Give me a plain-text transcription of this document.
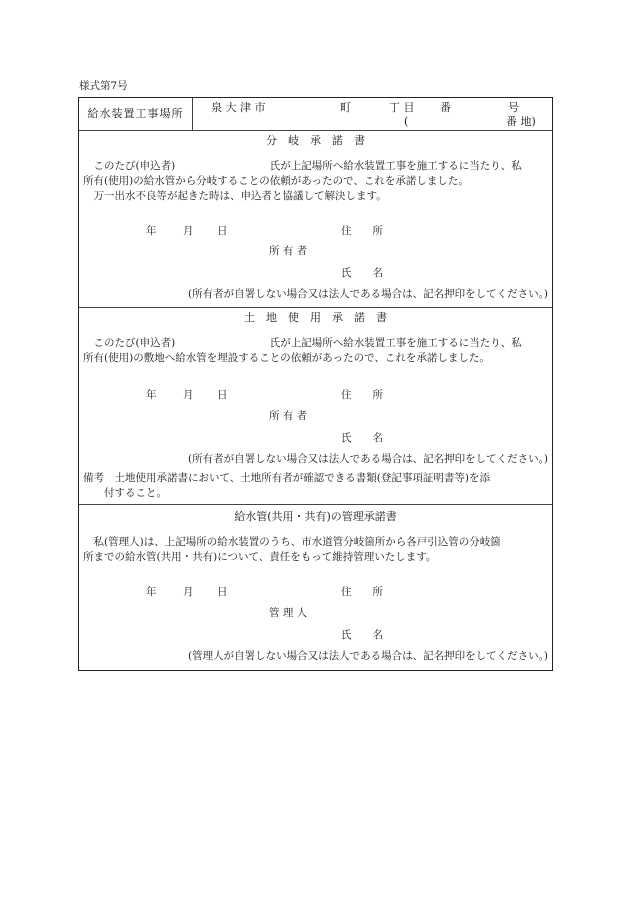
様式第7号
給水装置工事場所	泉 大 津 市	町	丁 目 番	号
(	番 地)
分　岐　承　諾　書
　このたび(申込者)　　　　　　　　　氏が上記場所へ給水装置工事を施工するに当たり、私
所有(使用)の給水管から分岐することの依頼があったので、これを承諾しました。
　万一出水不良等が起きた時は、申込者と協議して解決します。
年	月 日	住　　所
所 有 者
氏　　名
(所有者が自署しない場合又は法人である場合は、記名押印をしてください。)
土　地　使　用　承　諾　書
　このたび(申込者)　　　　　　　　　氏が上記場所へ給水装置工事を施工するに当たり、私
所有(使用)の敷地へ給水管を埋設することの依頼があったので、これを承諾しました。
年	月 日	住　　所
所 有 者
氏　　名
(所有者が自署しない場合又は法人である場合は、記名押印をしてください。)
備考　土地使用承諾書において、土地所有者が確認できる書類(登記事項証明書等)を添
　　付すること。
給水管(共用・共有)の管理承諾書
　私(管理人)は、上記場所の給水装置のうち、市水道管分岐箇所から各戸引込管の分岐箇
所までの給水管(共用・共有)について、責任をもって維持管理いたします。
年	月 日	住　　所
管 理 人
氏　　名
(管理人が自署しない場合又は法人である場合は、記名押印をしてください。)
